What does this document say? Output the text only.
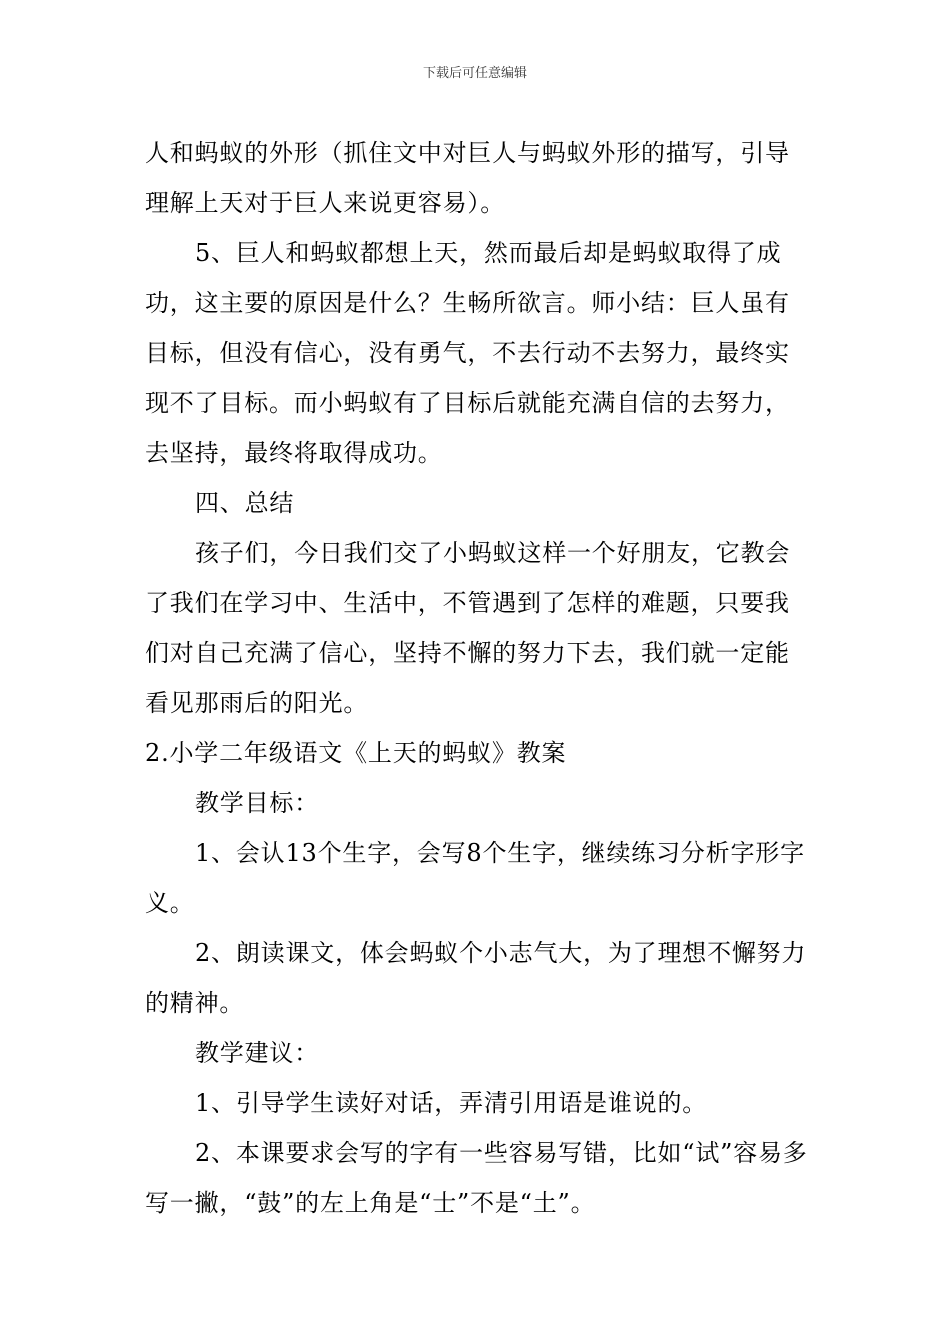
下载后可任意编辑

人和蚂蚁的外形（抓住文中对巨人与蚂蚁外形的描写，引导理解上天对于巨人来说更容易）。

5、巨人和蚂蚁都想上天，然而最后却是蚂蚁取得了成功，这主要的原因是什么？生畅所欲言。师小结：巨人虽有目标，但没有信心，没有勇气，不去行动不去努力，最终实现不了目标。而小蚂蚁有了目标后就能充满自信的去努力，去坚持，最终将取得成功。

四、总结

孩子们，今日我们交了小蚂蚁这样一个好朋友，它教会了我们在学习中、生活中，不管遇到了怎样的难题，只要我们对自己充满了信心，坚持不懈的努力下去，我们就一定能看见那雨后的阳光。

2.小学二年级语文《上天的蚂蚁》教案

教学目标：

1、会认13个生字，会写8个生字，继续练习分析字形字义。

2、朗读课文，体会蚂蚁个小志气大，为了理想不懈努力的精神。

教学建议：

1、引导学生读好对话，弄清引用语是谁说的。

2、本课要求会写的字有一些容易写错，比如“试”容易多写一撇，“鼓”的左上角是“士”不是“土”。
